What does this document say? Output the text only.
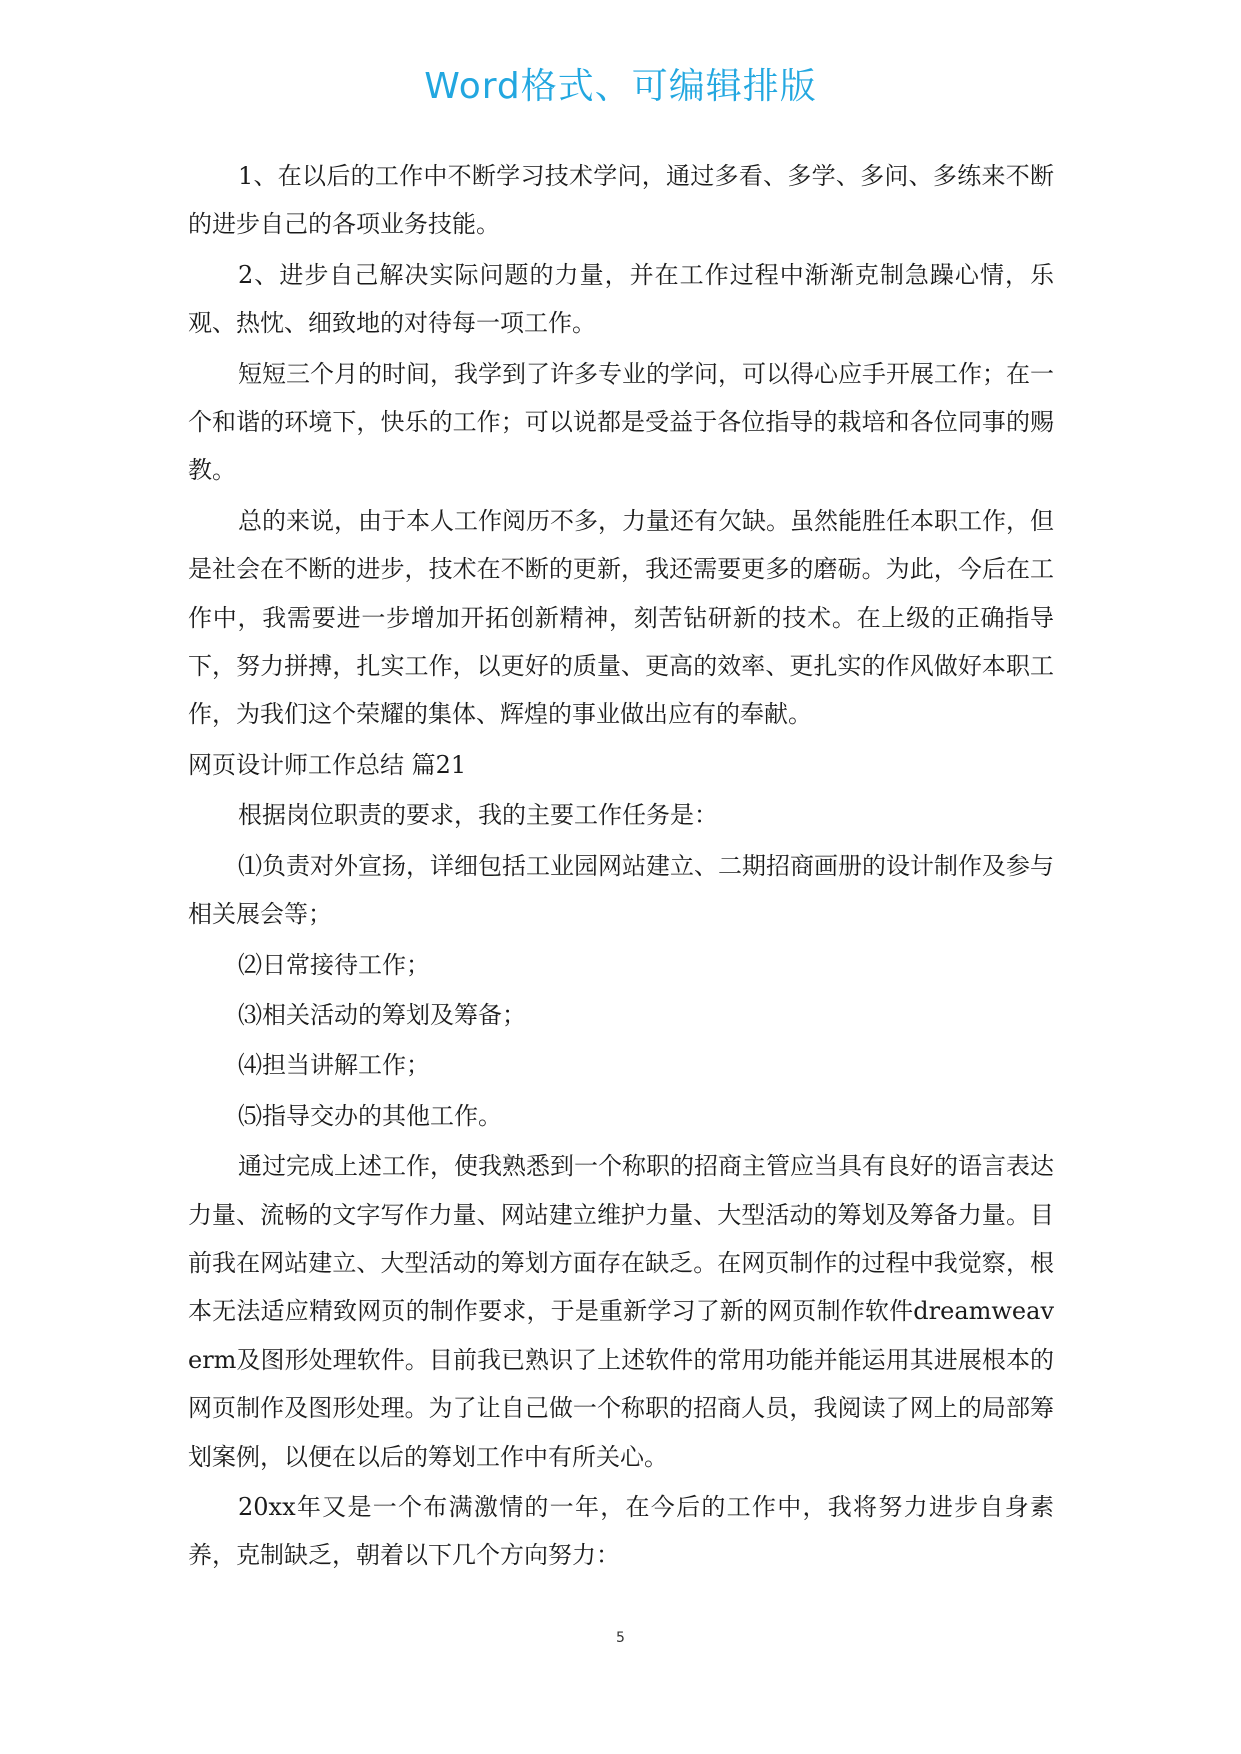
Word格式、可编辑排版

1、在以后的工作中不断学习技术学问，通过多看、多学、多问、多练来不断的进步自己的各项业务技能。

2、进步自己解决实际问题的力量，并在工作过程中渐渐克制急躁心情，乐观、热忱、细致地的对待每一项工作。

短短三个月的时间，我学到了许多专业的学问，可以得心应手开展工作；在一个和谐的环境下，快乐的工作；可以说都是受益于各位指导的栽培和各位同事的赐教。

总的来说，由于本人工作阅历不多，力量还有欠缺。虽然能胜任本职工作，但是社会在不断的进步，技术在不断的更新，我还需要更多的磨砺。为此，今后在工作中，我需要进一步增加开拓创新精神，刻苦钻研新的技术。在上级的正确指导下，努力拼搏，扎实工作，以更好的质量、更高的效率、更扎实的作风做好本职工作，为我们这个荣耀的集体、辉煌的事业做出应有的奉献。

网页设计师工作总结 篇21

根据岗位职责的要求，我的主要工作任务是：

⑴负责对外宣扬，详细包括工业园网站建立、二期招商画册的设计制作及参与相关展会等；

⑵日常接待工作；

⑶相关活动的筹划及筹备；

⑷担当讲解工作；

⑸指导交办的其他工作。

通过完成上述工作，使我熟悉到一个称职的招商主管应当具有良好的语言表达力量、流畅的文字写作力量、网站建立维护力量、大型活动的筹划及筹备力量。目前我在网站建立、大型活动的筹划方面存在缺乏。在网页制作的过程中我觉察，根本无法适应精致网页的制作要求，于是重新学习了新的网页制作软件dreamweaverm及图形处理软件。目前我已熟识了上述软件的常用功能并能运用其进展根本的网页制作及图形处理。为了让自己做一个称职的招商人员，我阅读了网上的局部筹划案例，以便在以后的筹划工作中有所关心。

20xx年又是一个布满激情的一年，在今后的工作中，我将努力进步自身素养，克制缺乏，朝着以下几个方向努力：

5
